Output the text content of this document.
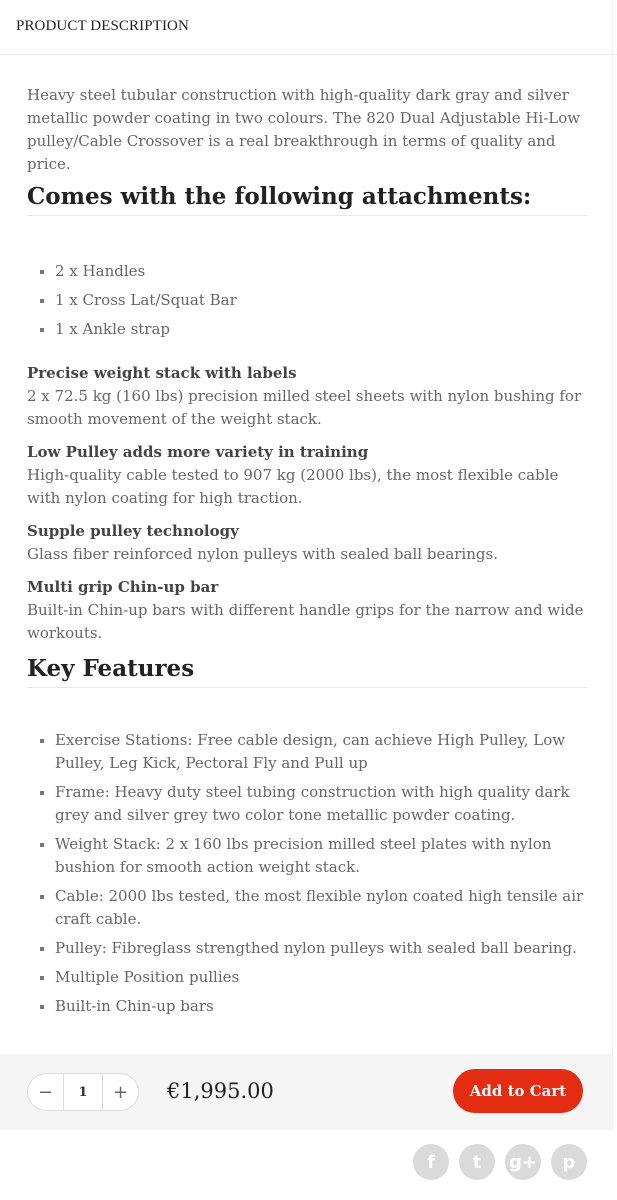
PRODUCT DESCRIPTION

Heavy steel tubular construction with high-quality dark gray and silver metallic powder coating in two colours. The 820 Dual Adjustable Hi-Low pulley/Cable Crossover is a real breakthrough in terms of quality and price.

Comes with the following attachments:
2 x Handles
1 x Cross Lat/Squat Bar
1 x Ankle strap
Precise weight stack with labels
2 x 72.5 kg (160 lbs) precision milled steel sheets with nylon bushing for smooth movement of the weight stack.
Low Pulley adds more variety in training
High-quality cable tested to 907 kg (2000 lbs), the most flexible cable with nylon coating for high traction.
Supple pulley technology
Glass fiber reinforced nylon pulleys with sealed ball bearings.
Multi grip Chin-up bar
Built-in Chin-up bars with different handle grips for the narrow and wide workouts.
Key Features
Exercise Stations: Free cable design, can achieve High Pulley, Low Pulley, Leg Kick, Pectoral Fly and Pull up
Frame: Heavy duty steel tubing construction with high quality dark grey and silver grey two color tone metallic powder coating.
Weight Stack: 2 x 160 lbs precision milled steel plates with nylon bushion for smooth action weight stack.
Cable: 2000 lbs tested, the most flexible nylon coated high tensile air craft cable.
Pulley: Fibreglass strengthed nylon pulleys with sealed ball bearing.
Multiple Position pullies
Built-in Chin-up bars
−	1	+	€1,995.00	Add to Cart
f	t	g+	p
